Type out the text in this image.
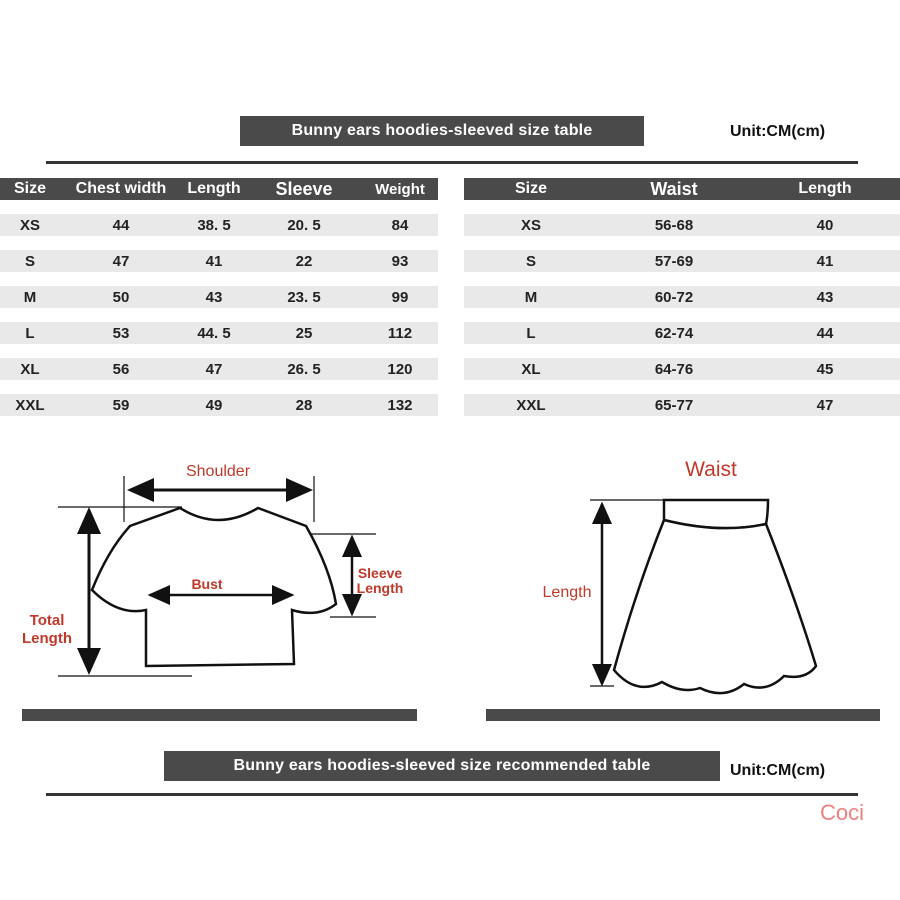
Bunny ears hoodies-sleeved size table	Unit:CM(cm)
Size	Chest width	Length	Sleeve	Weight

XS	44	38. 5	20. 5	84

S	47	41	22	93

M	50	43	23. 5	99

L	53	44. 5	25	112

XL	56	47	26. 5	120

XXL	59	49	28	132
Size	Waist	Length

XS	56-68	40

S	57-69	41

M	60-72	43

L	62-74	44

XL	64-76	45

XXL	65-77	47
Shoulder
Bust
Sleeve
Length
Total
Length
Waist
Length
Bunny ears hoodies-sleeved size recommended table	Unit:CM(cm)
Coci
